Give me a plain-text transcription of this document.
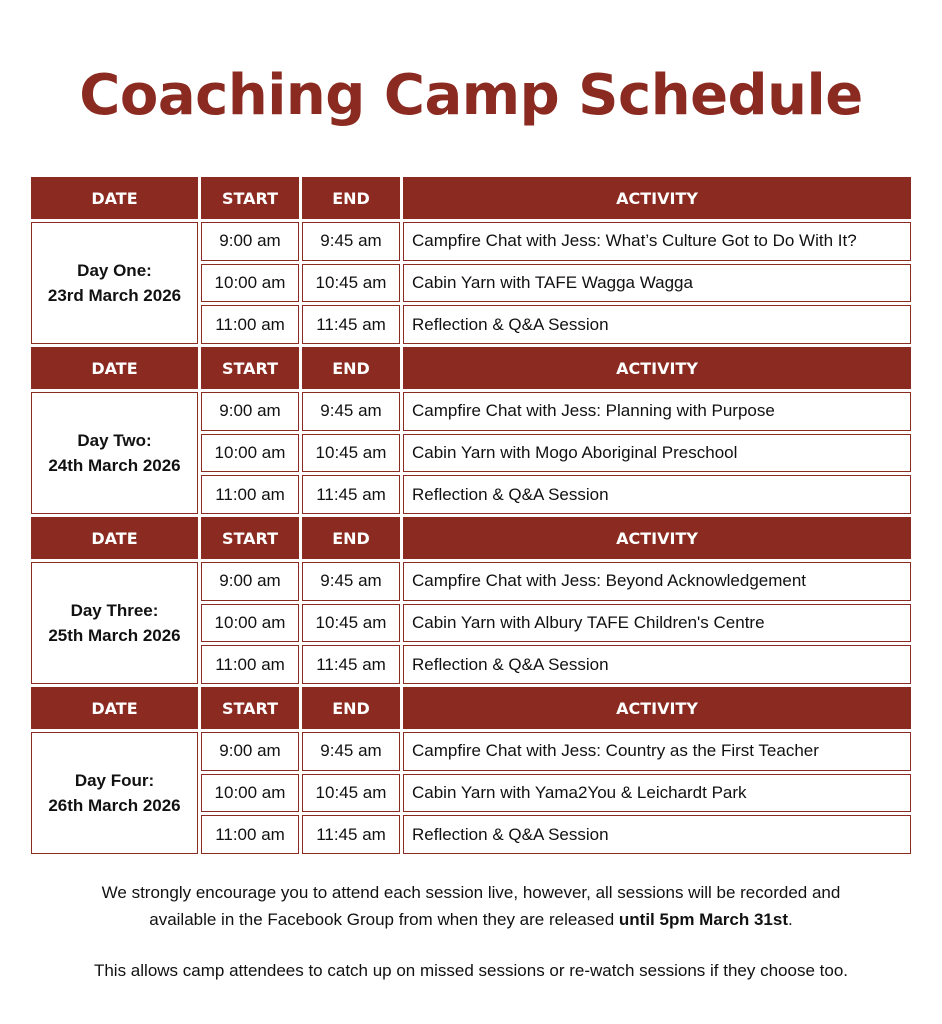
Coaching Camp Schedule
DATE	START	END	ACTIVITY
Day One:
23rd March 2026
9:00 am	9:45 am	Campfire Chat with Jess: What’s Culture Got to Do With It?
10:00 am	10:45 am	Cabin Yarn with TAFE Wagga Wagga
11:00 am	11:45 am	Reflection & Q&A Session
DATE	START	END	ACTIVITY
Day Two:
24th March 2026
9:00 am	9:45 am	Campfire Chat with Jess: Planning with Purpose
10:00 am	10:45 am	Cabin Yarn with Mogo Aboriginal Preschool
11:00 am	11:45 am	Reflection & Q&A Session
DATE	START	END	ACTIVITY
Day Three:
25th March 2026
9:00 am	9:45 am	Campfire Chat with Jess: Beyond Acknowledgement
10:00 am	10:45 am	Cabin Yarn with Albury TAFE Children's Centre
11:00 am	11:45 am	Reflection & Q&A Session
DATE	START	END	ACTIVITY
Day Four:
26th March 2026
9:00 am	9:45 am	Campfire Chat with Jess: Country as the First Teacher
10:00 am	10:45 am	Cabin Yarn with Yama2You & Leichardt Park
11:00 am	11:45 am	Reflection & Q&A Session
We strongly encourage you to attend each session live, however, all sessions will be recorded and
available in the Facebook Group from when they are released until 5pm March 31st.
This allows camp attendees to catch up on missed sessions or re-watch sessions if they choose too.
